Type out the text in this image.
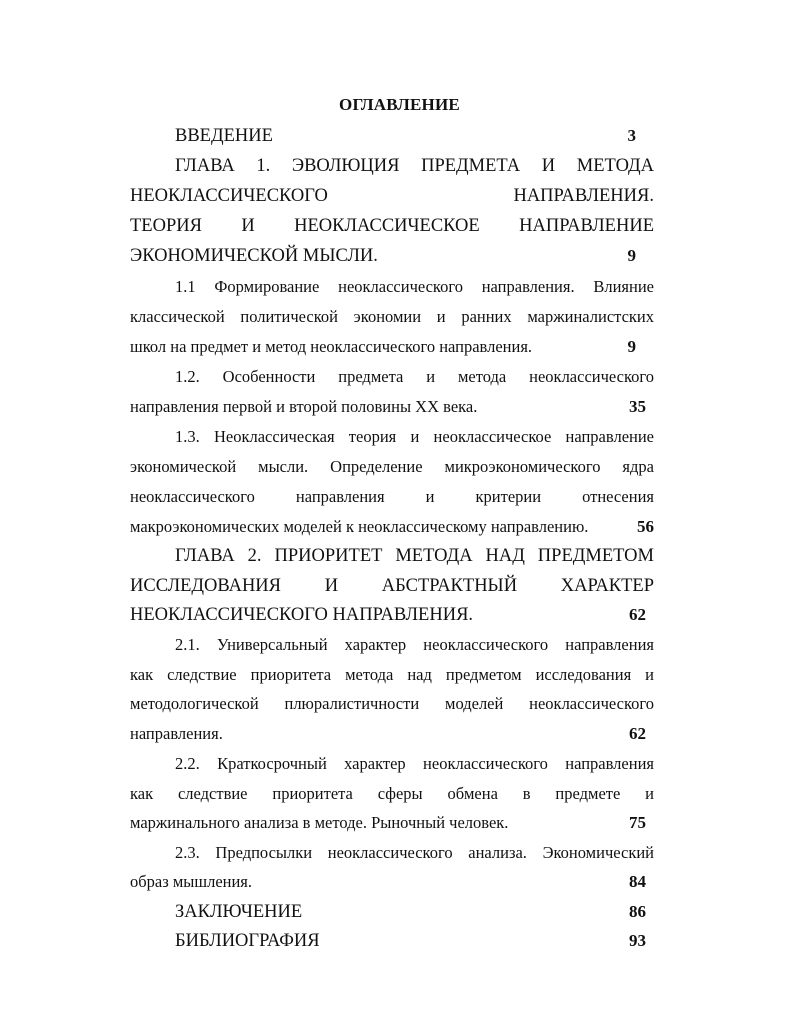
ОГЛАВЛЕНИЕ
ВВЕДЕНИЕ	3
ГЛАВА 1. ЭВОЛЮЦИЯ ПРЕДМЕТА И МЕТОДА
НЕОКЛАССИЧЕСКОГО НАПРАВЛЕНИЯ.
ТЕОРИЯ И НЕОКЛАССИЧЕСКОЕ НАПРАВЛЕНИЕ
ЭКОНОМИЧЕСКОЙ МЫСЛИ.	9
1.1 Формирование неоклассического направления. Влияние
классической политической экономии и ранних маржиналистских
школ на предмет и метод неоклассического направления.	9
1.2. Особенности предмета и метода неоклассического
направления первой и второй половины XX века.	35
1.3. Неоклассическая теория и неоклассическое направление
экономической мысли. Определение микроэкономического ядра
неоклассического направления и критерии отнесения
макроэкономических моделей к неоклассическому направлению.	56
ГЛАВА 2. ПРИОРИТЕТ МЕТОДА НАД ПРЕДМЕТОМ
ИССЛЕДОВАНИЯ И АБСТРАКТНЫЙ ХАРАКТЕР
НЕОКЛАССИЧЕСКОГО НАПРАВЛЕНИЯ.	62
2.1. Универсальный характер неоклассического направления
как следствие приоритета метода над предметом исследования и
методологической плюралистичности моделей неоклассического
направления.	62
2.2. Краткосрочный характер неоклассического направления
как следствие приоритета сферы обмена в предмете и
маржинального анализа в методе. Рыночный человек.	75
2.3. Предпосылки неоклассического анализа. Экономический
образ мышления.	84
ЗАКЛЮЧЕНИЕ	86
БИБЛИОГРАФИЯ	93
